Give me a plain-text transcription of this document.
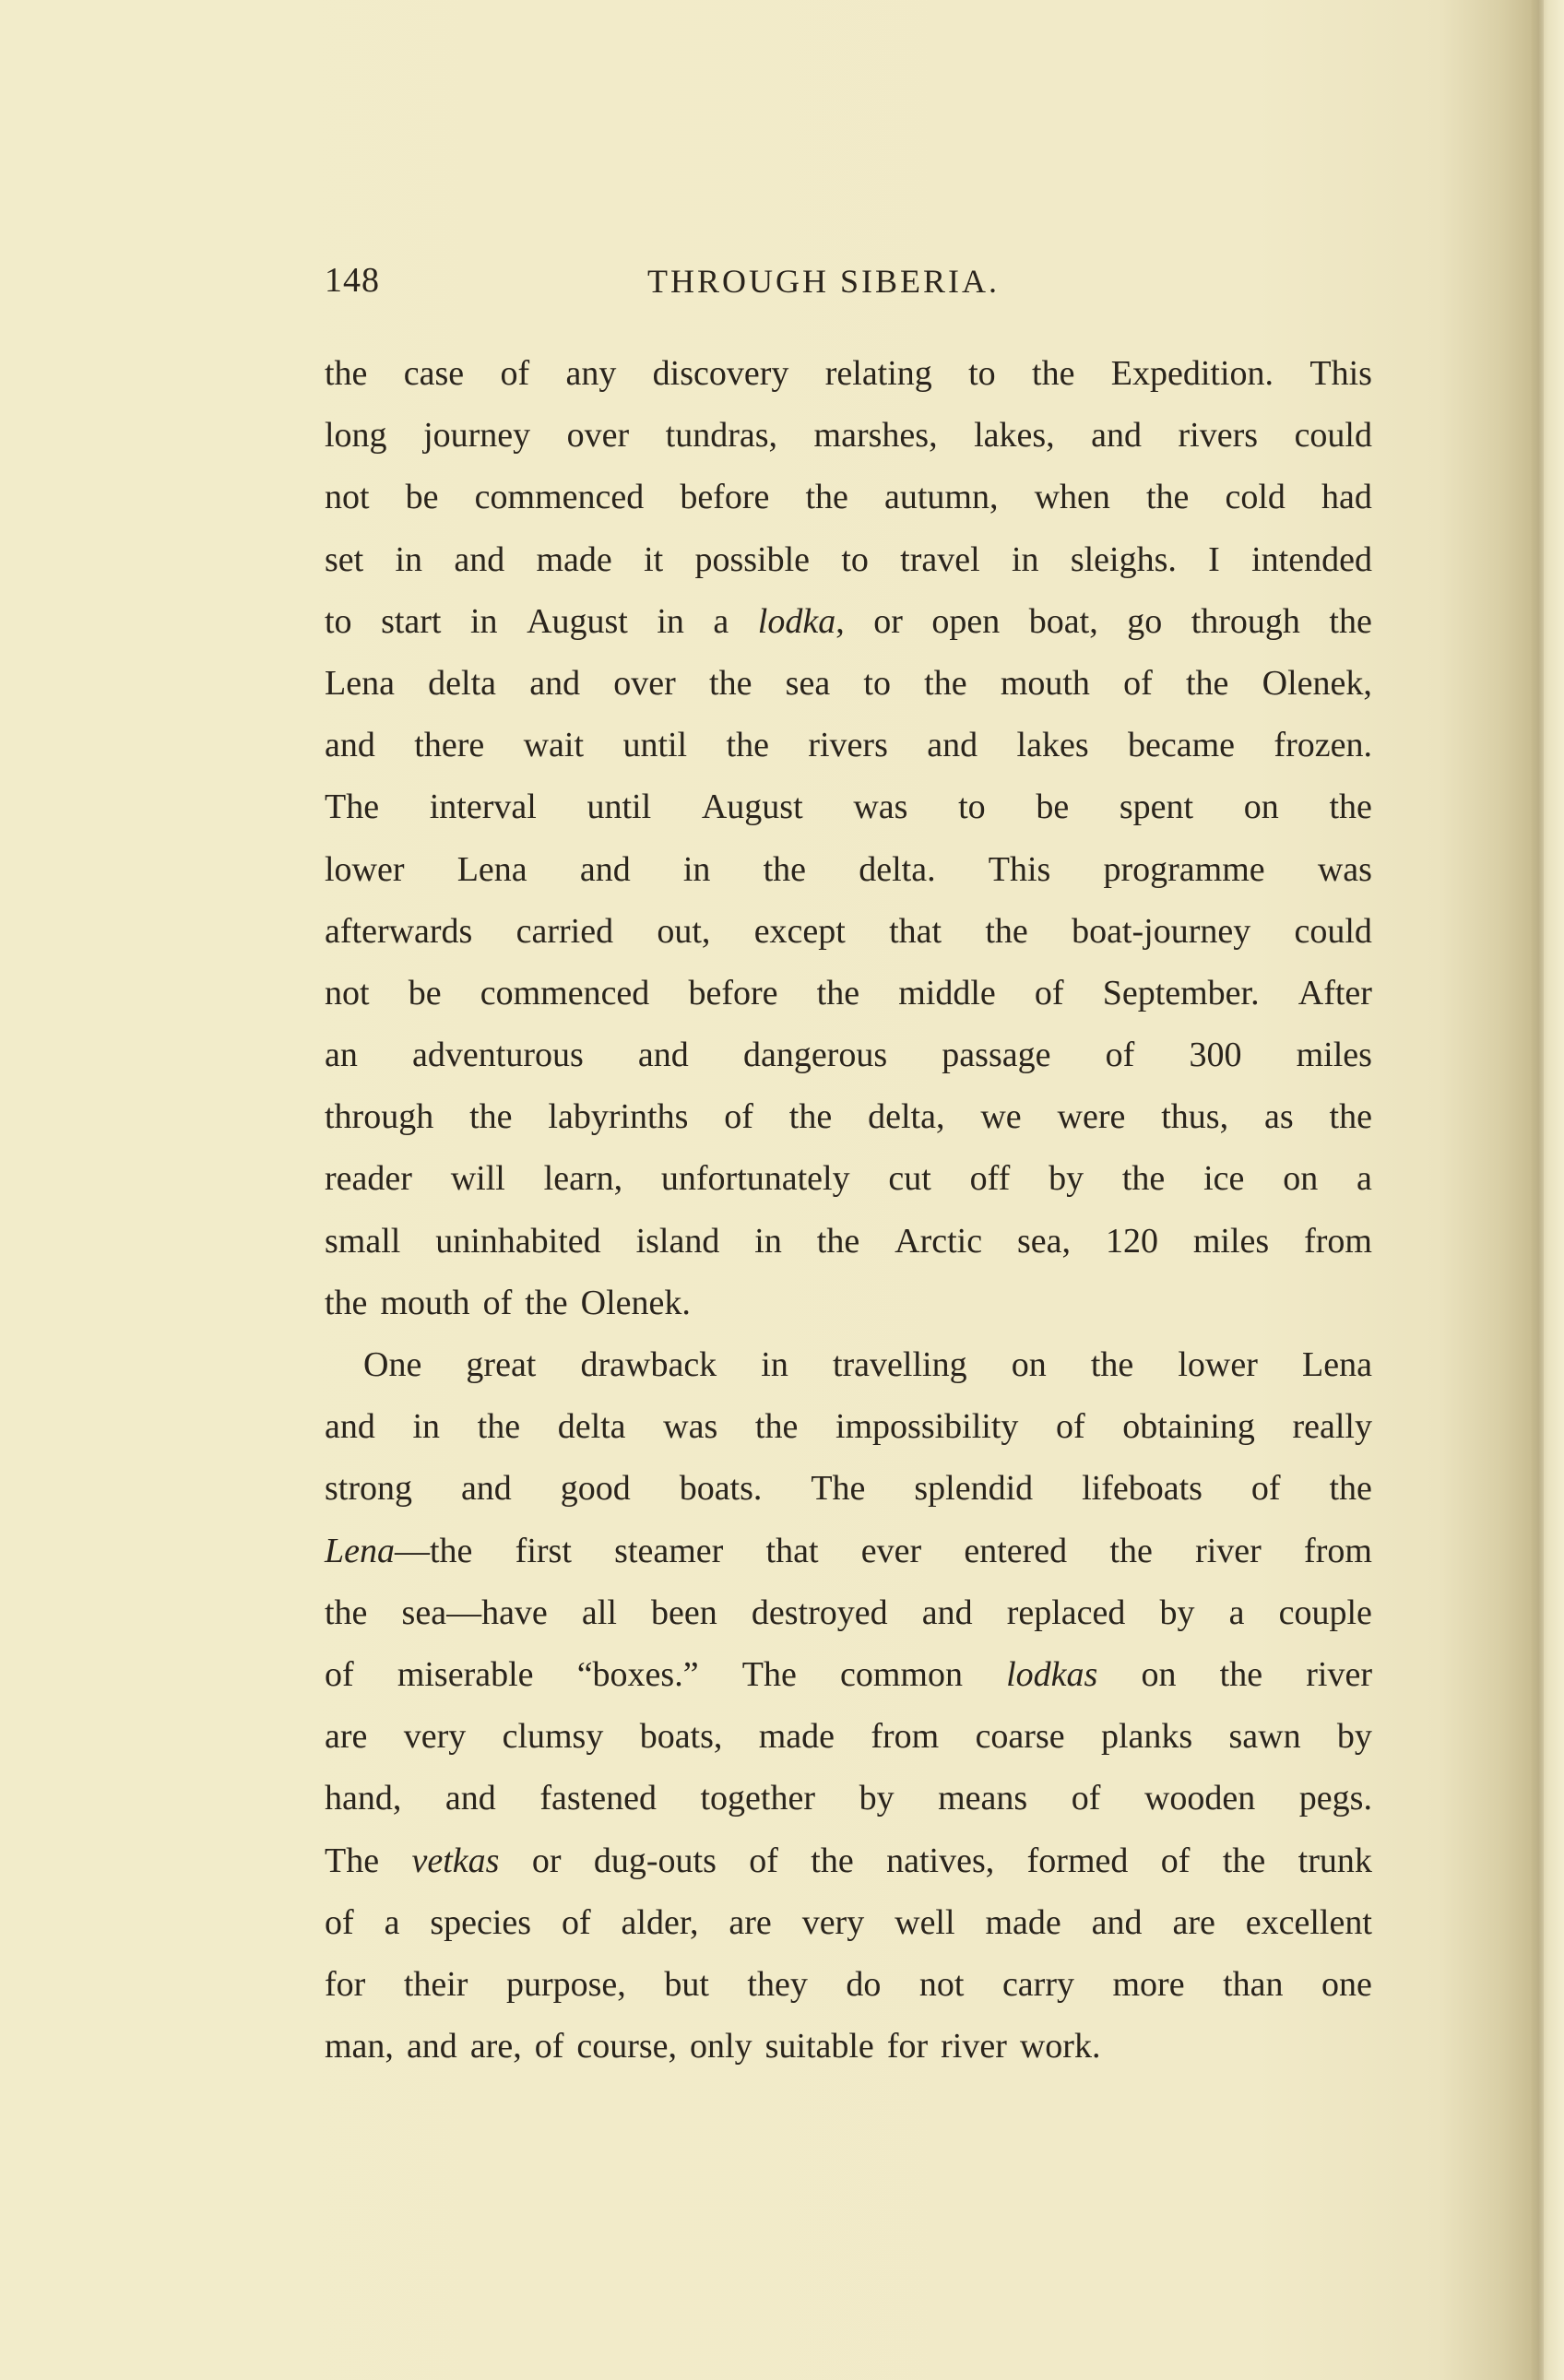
148	THROUGH SIBERIA.
the case of any discovery relating to the Expedition. This
long journey over tundras, marshes, lakes, and rivers could
not be commenced before the autumn, when the cold had
set in and made it possible to travel in sleighs. I intended
to start in August in a lodka, or open boat, go through the
Lena delta and over the sea to the mouth of the Olenek,
and there wait until the rivers and lakes became frozen.
The interval until August was to be spent on the
lower Lena and in the delta. This programme was
afterwards carried out, except that the boat-journey could
not be commenced before the middle of September. After
an adventurous and dangerous passage of 300 miles
through the labyrinths of the delta, we were thus, as the
reader will learn, unfortunately cut off by the ice on a
small uninhabited island in the Arctic sea, 120 miles from
the mouth of the Olenek.
One great drawback in travelling on the lower Lena
and in the delta was the impossibility of obtaining really
strong and good boats. The splendid lifeboats of the
Lena—the first steamer that ever entered the river from
the sea—have all been destroyed and replaced by a couple
of miserable “boxes.” The common lodkas on the river
are very clumsy boats, made from coarse planks sawn by
hand, and fastened together by means of wooden pegs.
The vetkas or dug-outs of the natives, formed of the trunk
of a species of alder, are very well made and are excellent
for their purpose, but they do not carry more than one
man, and are, of course, only suitable for river work.
